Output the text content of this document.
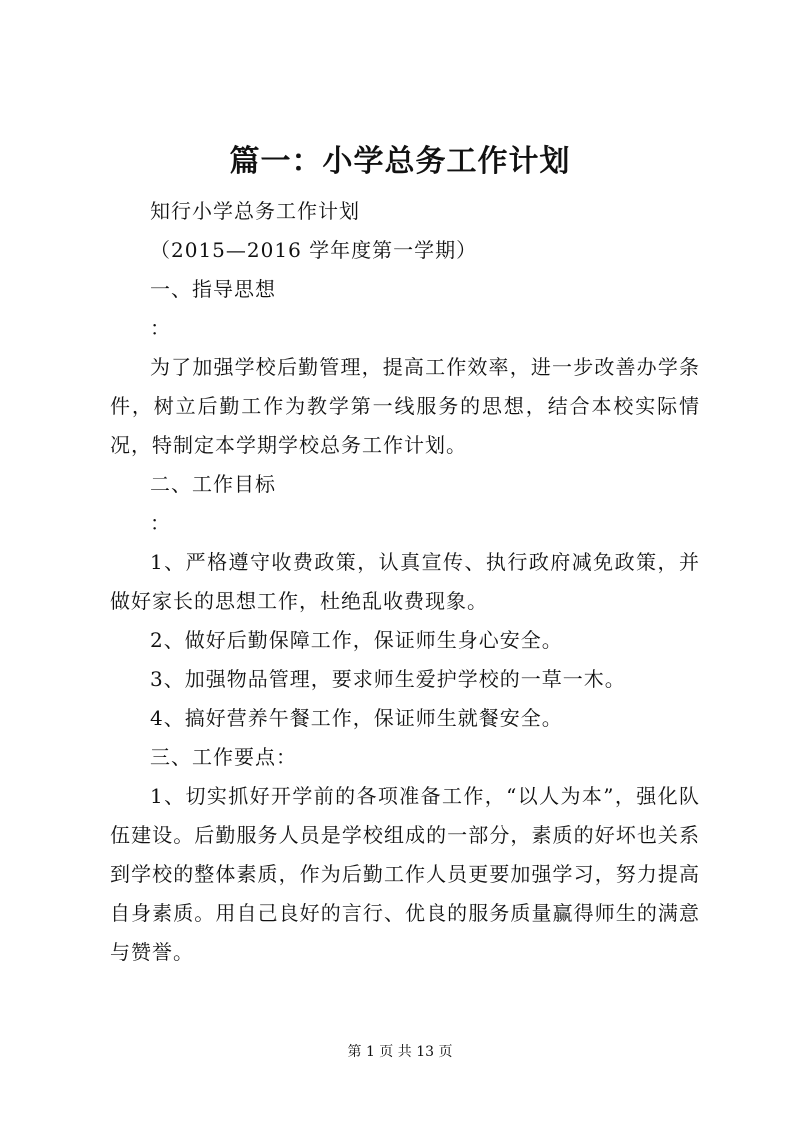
篇一：小学总务工作计划
知行小学总务工作计划
（2015—2016 学年度第一学期）
一、指导思想
：
为了加强学校后勤管理，提高工作效率，进一步改善办学条件，树立后勤工作为教学第一线服务的思想，结合本校实际情况，特制定本学期学校总务工作计划。
二、工作目标
：
1、严格遵守收费政策，认真宣传、执行政府减免政策，并做好家长的思想工作，杜绝乱收费现象。
2、做好后勤保障工作，保证师生身心安全。
3、加强物品管理，要求师生爱护学校的一草一木。
4、搞好营养午餐工作，保证师生就餐安全。
三、工作要点：
1、切实抓好开学前的各项准备工作，“以人为本”，强化队伍建设。后勤服务人员是学校组成的一部分，素质的好坏也关系到学校的整体素质，作为后勤工作人员更要加强学习，努力提高自身素质。用自己良好的言行、优良的服务质量赢得师生的满意与赞誉。
第 1 页 共 13 页
